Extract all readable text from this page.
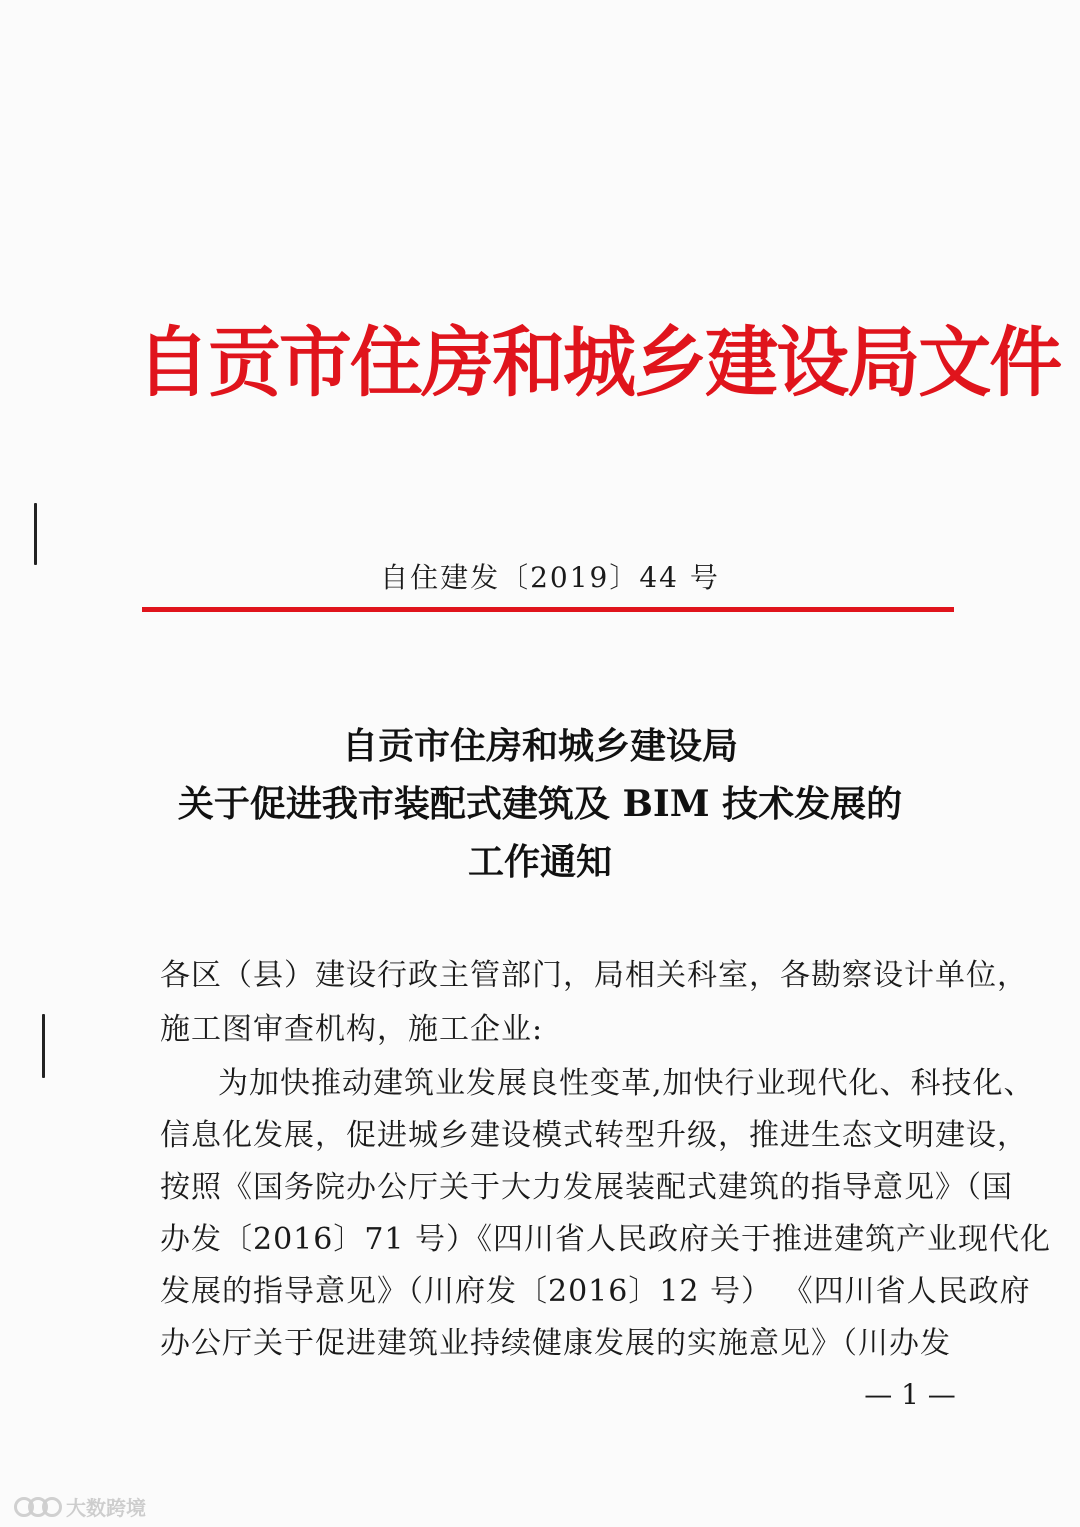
自贡市住房和城乡建设局文件
自住建发〔2019〕44 号
自贡市住房和城乡建设局
关于促进我市装配式建筑及 BIM 技术发展的
工作通知
各区（县）建设行政主管部门，局相关科室，各勘察设计单位，
施工图审查机构，施工企业:
为加快推动建筑业发展良性变革,加快行业现代化、科技化、
信息化发展，促进城乡建设模式转型升级，推进生态文明建设，
按照《国务院办公厅关于大力发展装配式建筑的指导意见》（国
办发〔2016〕71 号）《四川省人民政府关于推进建筑产业现代化
发展的指导意见》（川府发〔2016〕12 号） 《四川省人民政府
办公厅关于促进建筑业持续健康发展的实施意见》（川办发
— 1 —
大数跨境
